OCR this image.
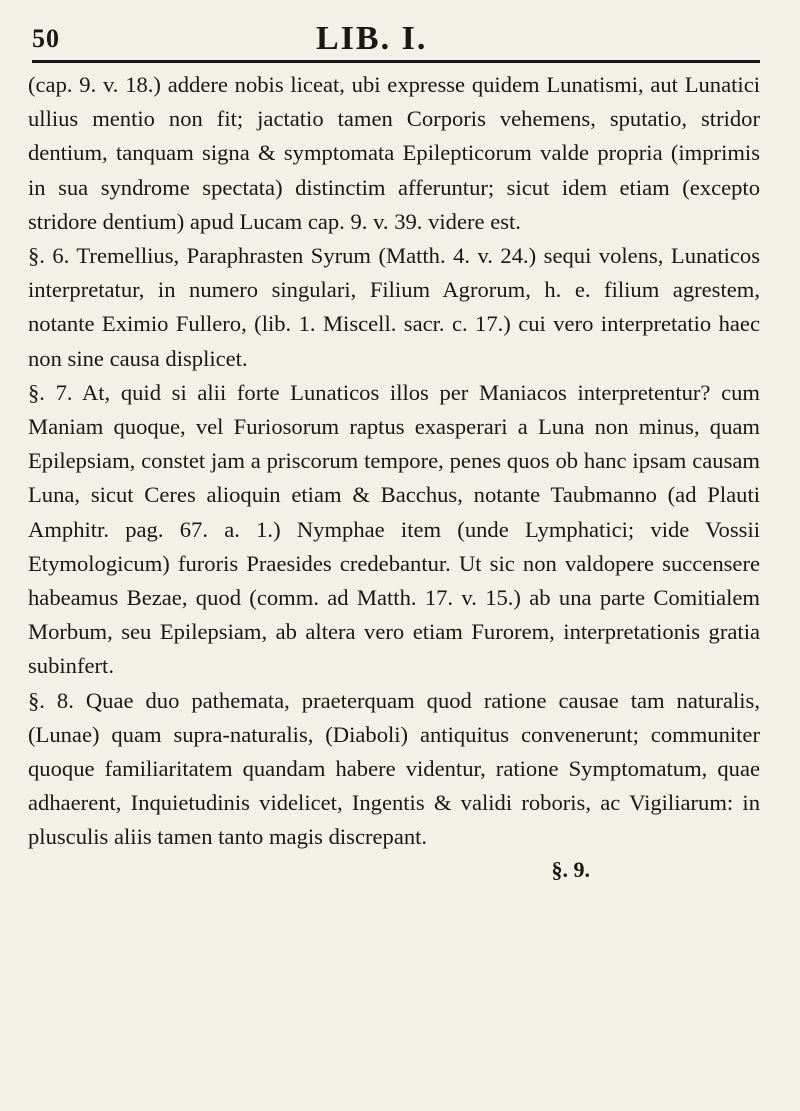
50	LIB. I.

(cap. 9. v. 18.) addere nobis liceat, ubi expresse quidem Lunatismi, aut Lunatici ullius mentio non fit; jactatio tamen Corporis vehemens, sputatio, stridor dentium, tanquam signa & symptomata Epilepticorum valde propria (imprimis in sua syndrome spectata) distinctim afferuntur; sicut idem etiam (excepto stridore dentium) apud Lucam cap. 9. v. 39. videre est.

§. 6. Tremellius, Paraphrasten Syrum (Matth. 4. v. 24.) sequi volens, Lunaticos interpretatur, in numero singulari, Filium Agrorum, h. e. filium agrestem, notante Eximio Fullero, (lib. 1. Miscell. sacr. c. 17.) cui vero interpretatio haec non sine causa displicet.

§. 7. At, quid si alii forte Lunaticos illos per Maniacos interpretentur? cum Maniam quoque, vel Furiosorum raptus exasperari a Luna non minus, quam Epilepsiam, constet jam a priscorum tempore, penes quos ob hanc ipsam causam Luna, sicut Ceres alioquin etiam & Bacchus, notante Taubmanno (ad Plauti Amphitr. pag. 67. a. 1.) Nymphae item (unde Lymphatici; vide Vossii Etymologicum) furoris Praesides credebantur. Ut sic non valdopere succensere habeamus Bezae, quod (comm. ad Matth. 17. v. 15.) ab una parte Comitialem Morbum, seu Epilepsiam, ab altera vero etiam Furorem, interpretationis gratia subinfert.

§. 8. Quae duo pathemata, praeterquam quod ratione causae tam naturalis, (Lunae) quam supra-naturalis, (Diaboli) antiquitus convenerunt; communiter quoque familiaritatem quandam habere videntur, ratione Symptomatum, quae adhaerent, Inquietudinis videlicet, Ingentis & validi roboris, ac Vigiliarum: in plusculis aliis tamen tanto magis discrepant.

§. 9.
